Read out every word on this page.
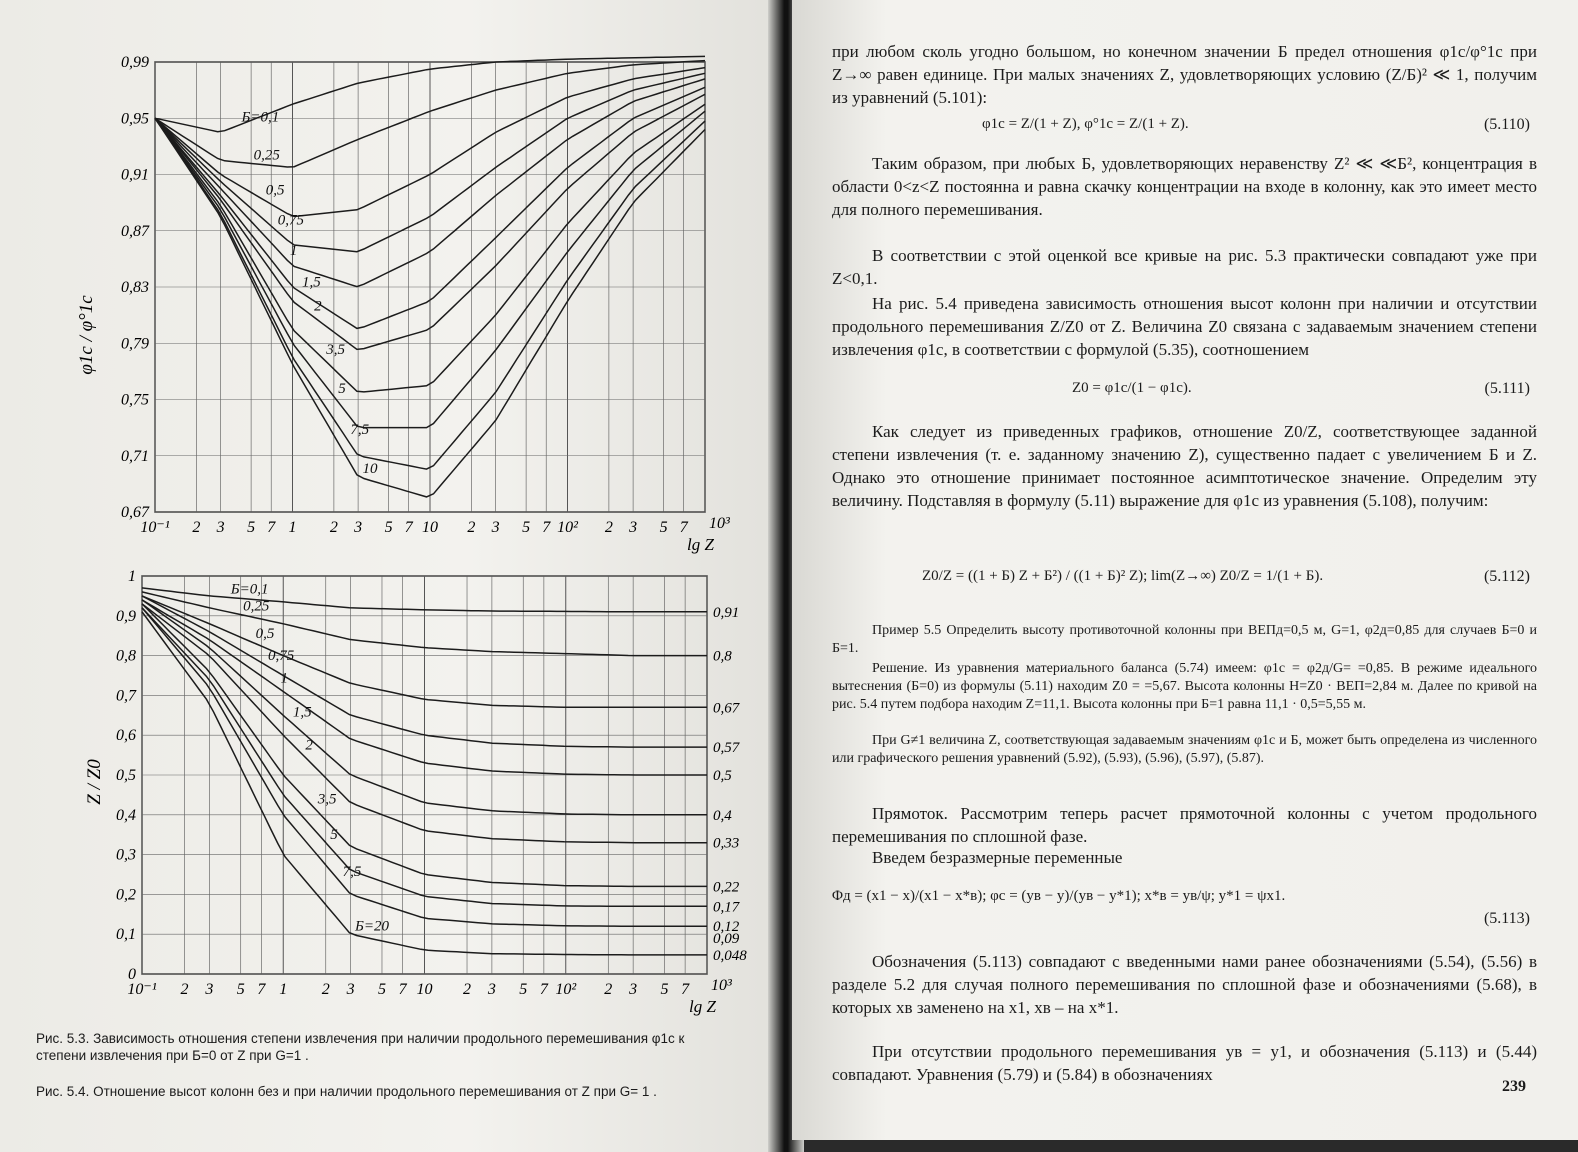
Б=0,1
0,25
0,5
0,75
1
1,5
2
3,5
5
7,5
10
10⁻¹ 2 3 5 7 1 2 3 5 7 10 2 3 5 7 10² 2 3 5 7 10³
lg Z
0,99
0,95
0,91
0,87
0,83
0,79
0,75
0,71
0,67
φ1c / φ°1c
Б=0,1
0,25
0,5
0,75
1
1,5
2
3,5
5
7,5
Б=20
10⁻¹ 2 3 5 7 1 2 3 5 7 10 2 3 5 7 10² 2 3 5 7 10³
lg Z
1
0,9
0,8
0,7
0,6
0,5
0,4
0,3
0,2
0,1
0
0,91
0,8
0,67
0,57
0,5
0,4
0,33
0,22
0,17
0,12
0,09
0,048
Z / Z0
Рис. 5.3. Зависимость отношения степени извлечения при наличии продольного перемешивания φ1c к степени извлечения при Б=0 от Z при G=1 .
Рис. 5.4. Отношение высот колонн без и при наличии продольного перемешивания от Z при G= 1 .
при любом сколь угодно большом, но конечном значении Б предел отношения φ1c/φ°1c при Z→∞ равен единице. При малых значениях Z, удовлетворяющих условию (Z/Б)² ≪ 1, получим из уравнений (5.101):
φ1c = Z/(1 + Z), φ°1c = Z/(1 + Z).	(5.110)
Таким образом, при любых Б, удовлетворяющих неравенству Z² ≪ ≪Б², концентрация в области 0<z<Z постоянна и равна скачку концентрации на входе в колонну, как это имеет место для полного перемешивания.
В соответствии с этой оценкой все кривые на рис. 5.3 практически совпадают уже при Z<0,1.
На рис. 5.4 приведена зависимость отношения высот колонн при наличии и отсутствии продольного перемешивания Z/Z0 от Z. Величина Z0 связана с задаваемым значением степени извлечения φ1c, в соответствии с формулой (5.35), соотношением
Z0 = φ1c/(1 − φ1c).	(5.111)
Как следует из приведенных графиков, отношение Z0/Z, соответствующее заданной степени извлечения (т. е. заданному значению Z), существенно падает с увеличением Б и Z. Однако это отношение принимает постоянное асимптотическое значение. Определим эту величину. Подставляя в формулу (5.11) выражение для φ1c из уравнения (5.108), получим:
Z0/Z = ((1 + Б) Z + Б²) / ((1 + Б)² Z); lim(Z→∞) Z0/Z = 1/(1 + Б).	(5.112)
Пример 5.5 Определить высоту противоточной колонны при ВЕПд=0,5 м, G=1, φ2д=0,85 для случаев Б=0 и Б=1.
Решение. Из уравнения материального баланса (5.74) имеем: φ1c = φ2д/G= =0,85. В режиме идеального вытеснения (Б=0) из формулы (5.11) находим Z0 = =5,67. Высота колонны H=Z0 · ВЕП=2,84 м. Далее по кривой на рис. 5.4 путем подбора находим Z=11,1. Высота колонны при Б=1 равна 11,1 · 0,5=5,55 м.
При G≠1 величина Z, соответствующая задаваемым значениям φ1c и Б, может быть определена из численного или графического решения уравнений (5.92), (5.93), (5.96), (5.97), (5.87).
Прямоток. Рассмотрим теперь расчет прямоточной колонны с учетом продольного перемешивания по сплошной фазе.
Введем безразмерные переменные
Φд = (x1 − x)/(x1 − x*в); φc = (yв − y)/(yв − y*1); x*в = yв/ψ; y*1 = ψx1.
(5.113)
Обозначения (5.113) совпадают с введенными нами ранее обозначениями (5.54), (5.56) в разделе 5.2 для случая полного перемешивания по сплошной фазе и обозначениями (5.68), в которых xв заменено на x1, xв – на x*1.
При отсутствии продольного перемешивания yв = y1, и обозначения (5.113) и (5.44) совпадают. Уравнения (5.79) и (5.84) в обозначениях
239
